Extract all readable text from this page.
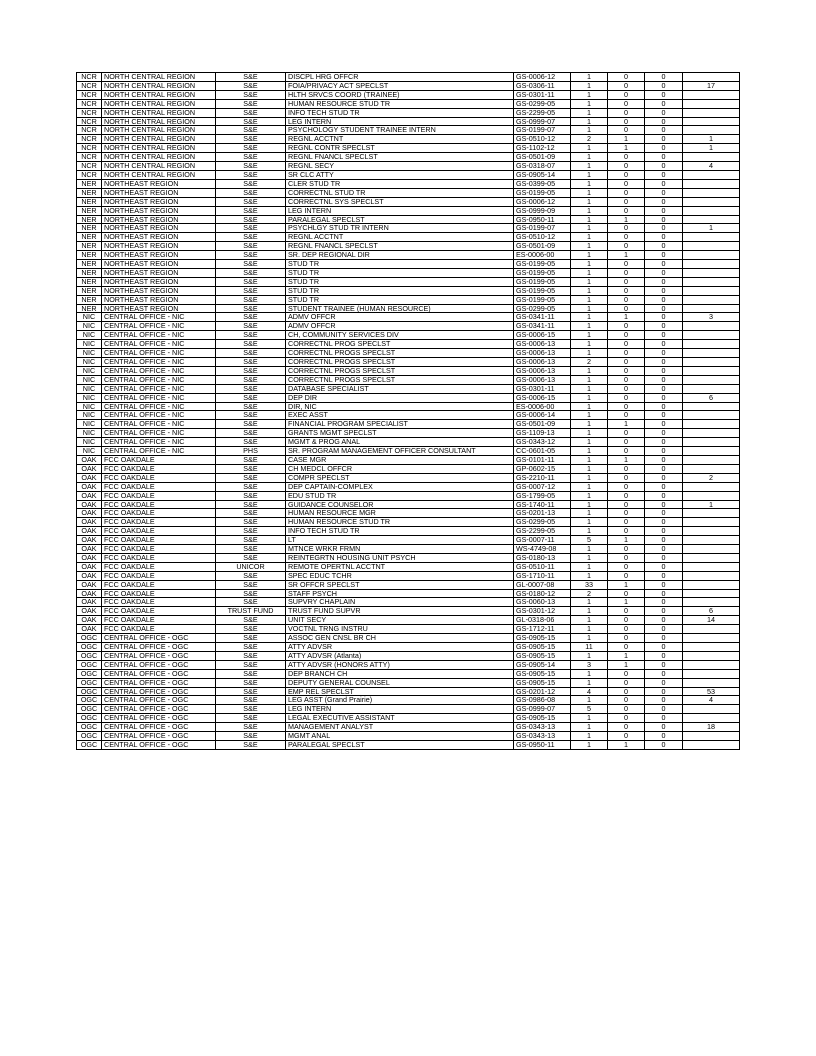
NCR	NORTH CENTRAL REGION	S&E	DISCPL HRG OFFCR	GS-0006-12	1	0	0	
NCR	NORTH CENTRAL REGION	S&E	FOIA/PRIVACY ACT SPECLST	GS-0306-11	1	0	0	17
NCR	NORTH CENTRAL REGION	S&E	HLTH SRVCS COORD (TRAINEE)	GS-0301-11	1	0	0	
NCR	NORTH CENTRAL REGION	S&E	HUMAN RESOURCE STUD TR	GS-0299-05	1	0	0	
NCR	NORTH CENTRAL REGION	S&E	INFO TECH STUD TR	GS-2299-05	1	0	0	
NCR	NORTH CENTRAL REGION	S&E	LEG INTERN	GS-0999-07	1	0	0	
NCR	NORTH CENTRAL REGION	S&E	PSYCHOLOGY STUDENT TRAINEE INTERN	GS-0199-07	1	0	0	
NCR	NORTH CENTRAL REGION	S&E	REGNL ACCTNT	GS-0510-12	2	1	0	1
NCR	NORTH CENTRAL REGION	S&E	REGNL CONTR SPECLST	GS-1102-12	1	1	0	1
NCR	NORTH CENTRAL REGION	S&E	REGNL FNANCL SPECLST	GS-0501-09	1	0	0	
NCR	NORTH CENTRAL REGION	S&E	REGNL SECY	GS-0318-07	1	0	0	4
NCR	NORTH CENTRAL REGION	S&E	SR CLC ATTY	GS-0905-14	1	0	0	
NER	NORTHEAST REGION	S&E	CLER STUD TR	GS-0399-05	1	0	0	
NER	NORTHEAST REGION	S&E	CORRECTNL STUD TR	GS-0199-05	1	0	0	
NER	NORTHEAST REGION	S&E	CORRECTNL SYS SPECLST	GS-0006-12	1	0	0	
NER	NORTHEAST REGION	S&E	LEG INTERN	GS-0999-09	1	0	0	
NER	NORTHEAST REGION	S&E	PARALEGAL SPECLST	GS-0950-11	1	1	0	
NER	NORTHEAST REGION	S&E	PSYCHLGY STUD TR INTERN	GS-0199-07	1	0	0	1
NER	NORTHEAST REGION	S&E	REGNL ACCTNT	GS-0510-12	1	0	0	
NER	NORTHEAST REGION	S&E	REGNL FNANCL SPECLST	GS-0501-09	1	0	0	
NER	NORTHEAST REGION	S&E	SR. DEP REGIONAL DIR	ES-0006-00	1	1	0	
NER	NORTHEAST REGION	S&E	STUD TR	GS-0199-05	1	0	0	
NER	NORTHEAST REGION	S&E	STUD TR	GS-0199-05	1	0	0	
NER	NORTHEAST REGION	S&E	STUD TR	GS-0199-05	1	0	0	
NER	NORTHEAST REGION	S&E	STUD TR	GS-0199-05	1	0	0	
NER	NORTHEAST REGION	S&E	STUD TR	GS-0199-05	1	0	0	
NER	NORTHEAST REGION	S&E	STUDENT TRAINEE (HUMAN RESOURCE)	GS-0299-05	1	0	0	
NIC	CENTRAL OFFICE - NIC	S&E	ADMV OFFCR	GS-0341-11	1	1	0	3
NIC	CENTRAL OFFICE - NIC	S&E	ADMV OFFCR	GS-0341-11	1	0	0	
NIC	CENTRAL OFFICE - NIC	S&E	CH, COMMUNITY SERVICES DIV	GS-0006-15	1	0	0	
NIC	CENTRAL OFFICE - NIC	S&E	CORRECTNL PROG SPECLST	GS-0006-13	1	0	0	
NIC	CENTRAL OFFICE - NIC	S&E	CORRECTNL PROGS SPECLST	GS-0006-13	1	0	0	
NIC	CENTRAL OFFICE - NIC	S&E	CORRECTNL PROGS SPECLST	GS-0006-13	2	0	0	
NIC	CENTRAL OFFICE - NIC	S&E	CORRECTNL PROGS SPECLST	GS-0006-13	1	0	0	
NIC	CENTRAL OFFICE - NIC	S&E	CORRECTNL PROGS SPECLST	GS-0006-13	1	0	0	
NIC	CENTRAL OFFICE - NIC	S&E	DATABASE SPECIALIST	GS-0301-11	1	0	0	
NIC	CENTRAL OFFICE - NIC	S&E	DEP DIR	GS-0006-15	1	0	0	6
NIC	CENTRAL OFFICE - NIC	S&E	DIR, NIC	ES-0006-00	1	0	0	
NIC	CENTRAL OFFICE - NIC	S&E	EXEC ASST	GS-0006-14	1	0	0	
NIC	CENTRAL OFFICE - NIC	S&E	FINANCIAL PROGRAM SPECIALIST	GS-0501-09	1	1	0	
NIC	CENTRAL OFFICE - NIC	S&E	GRANTS MGMT SPECLST	GS-1109-13	1	0	0	
NIC	CENTRAL OFFICE - NIC	S&E	MGMT & PROG ANAL	GS-0343-12	1	0	0	
NIC	CENTRAL OFFICE - NIC	PHS	SR. PROGRAM MANAGEMENT OFFICER CONSULTANT	CC-0601-05	1	0	0	
OAK	FCC OAKDALE	S&E	CASE MGR	GS-0101-11	1	1	0	
OAK	FCC OAKDALE	S&E	CH MEDCL OFFCR	GP-0602-15	1	0	0	
OAK	FCC OAKDALE	S&E	COMPR SPECLST	GS-2210-11	1	0	0	2
OAK	FCC OAKDALE	S&E	DEP CAPTAIN-COMPLEX	GS-0007-12	1	0	0	
OAK	FCC OAKDALE	S&E	EDU STUD TR	GS-1799-05	1	0	0	
OAK	FCC OAKDALE	S&E	GUIDANCE COUNSELOR	GS-1740-11	1	0	0	1
OAK	FCC OAKDALE	S&E	HUMAN RESOURCE MGR	GS-0201-13	1	0	0	
OAK	FCC OAKDALE	S&E	HUMAN RESOURCE STUD TR	GS-0299-05	1	0	0	
OAK	FCC OAKDALE	S&E	INFO TECH STUD TR	GS-2299-05	1	0	0	
OAK	FCC OAKDALE	S&E	LT	GS-0007-11	5	1	0	
OAK	FCC OAKDALE	S&E	MTNCE WRKR FRMN	WS-4749-08	1	0	0	
OAK	FCC OAKDALE	S&E	REINTEGRTN HOUSING UNIT PSYCH	GS-0180-13	1	0	0	
OAK	FCC OAKDALE	UNICOR	REMOTE OPERTNL ACCTNT	GS-0510-11	1	0	0	
OAK	FCC OAKDALE	S&E	SPEC EDUC TCHR	GS-1710-11	1	0	0	
OAK	FCC OAKDALE	S&E	SR OFFCR SPECLST	GL-0007-08	33	1	0	
OAK	FCC OAKDALE	S&E	STAFF PSYCH	GS-0180-12	2	0	0	
OAK	FCC OAKDALE	S&E	SUPVRY CHAPLAIN	GS-0060-13	1	1	0	
OAK	FCC OAKDALE	TRUST FUND	TRUST FUND SUPVR	GS-0301-12	1	0	0	6
OAK	FCC OAKDALE	S&E	UNIT SECY	GL-0318-06	1	0	0	14
OAK	FCC OAKDALE	S&E	VOCTNL TRNG INSTRU	GS-1712-11	1	0	0	
OGC	CENTRAL OFFICE - OGC	S&E	ASSOC GEN CNSL BR CH	GS-0905-15	1	0	0	
OGC	CENTRAL OFFICE - OGC	S&E	ATTY ADVSR	GS-0905-15	11	0	0	
OGC	CENTRAL OFFICE - OGC	S&E	ATTY ADVSR (Atlanta)	GS-0905-15	1	1	0	
OGC	CENTRAL OFFICE - OGC	S&E	ATTY ADVSR (HONORS ATTY)	GS-0905-14	3	1	0	
OGC	CENTRAL OFFICE - OGC	S&E	DEP BRANCH CH	GS-0905-15	1	0	0	
OGC	CENTRAL OFFICE - OGC	S&E	DEPUTY GENERAL COUNSEL	GS-0905-15	1	0	0	
OGC	CENTRAL OFFICE - OGC	S&E	EMP REL SPECLST	GS-0201-12	4	0	0	53
OGC	CENTRAL OFFICE - OGC	S&E	LEG ASST (Grand Prairie)	GS-0986-08	1	0	0	4
OGC	CENTRAL OFFICE - OGC	S&E	LEG INTERN	GS-0999-07	5	0	0	
OGC	CENTRAL OFFICE - OGC	S&E	LEGAL EXECUTIVE ASSISTANT	GS-0905-15	1	0	0	
OGC	CENTRAL OFFICE - OGC	S&E	MANAGEMENT ANALYST	GS-0343-13	1	0	0	18
OGC	CENTRAL OFFICE - OGC	S&E	MGMT ANAL	GS-0343-13	1	0	0	
OGC	CENTRAL OFFICE - OGC	S&E	PARALEGAL SPECLST	GS-0950-11	1	1	0	
